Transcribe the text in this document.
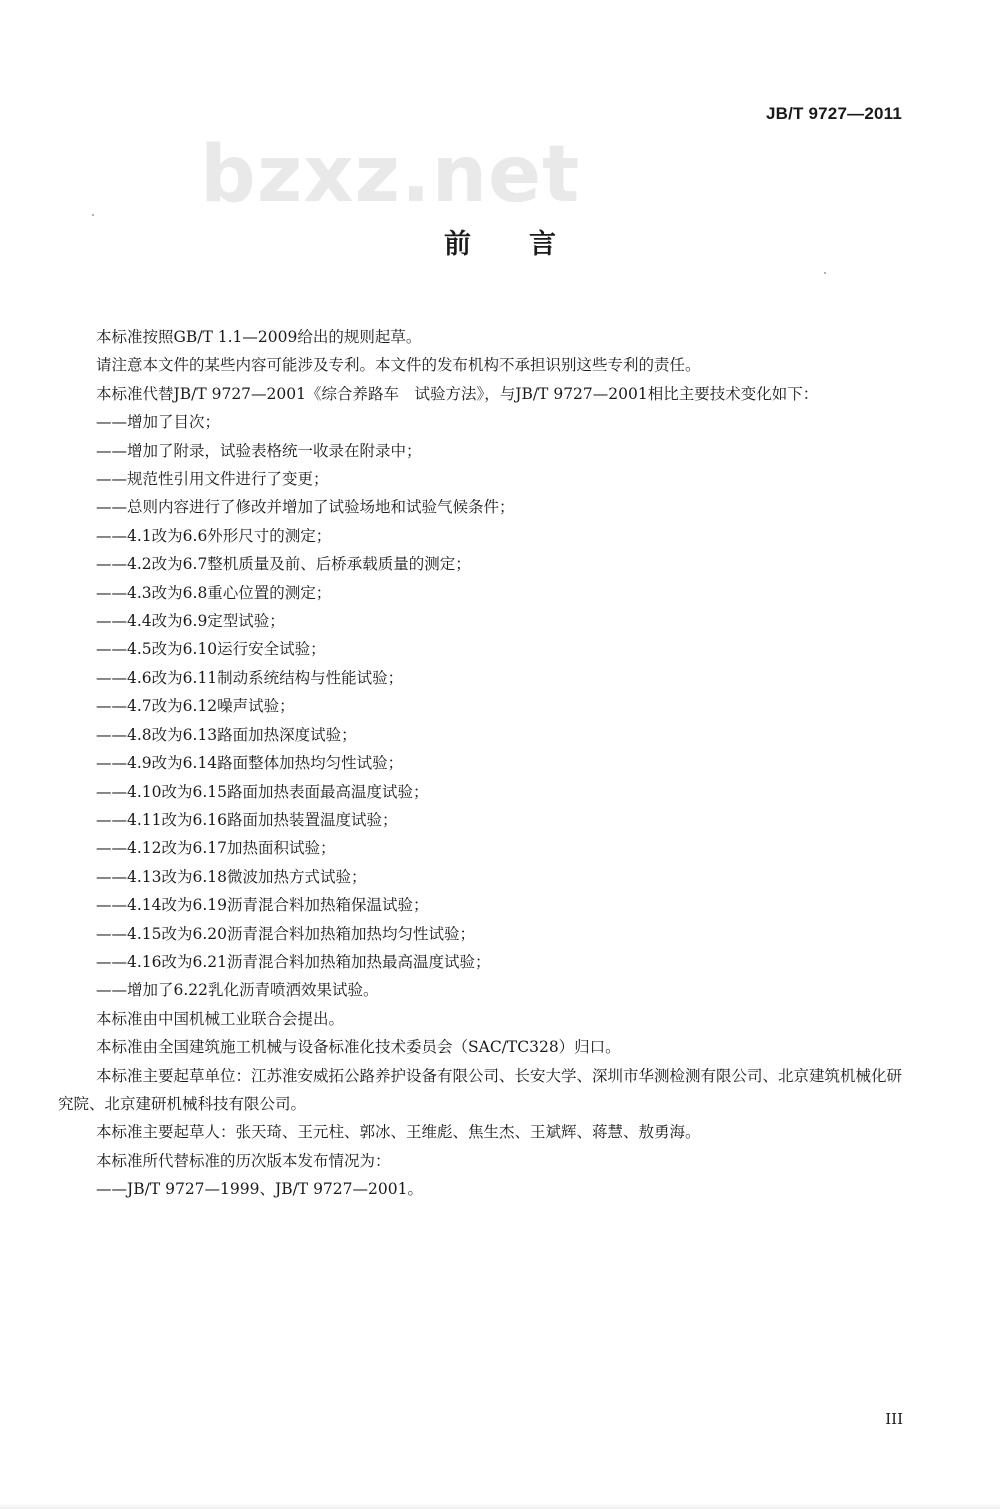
JB/T 9727—2011
bzxz.net
前言

本标准按照GB/T 1.1—2009给出的规则起草。

请注意本文件的某些内容可能涉及专利。本文件的发布机构不承担识别这些专利的责任。

本标准代替JB/T 9727—2001《综合养路车　试验方法》，与JB/T 9727—2001相比主要技术变化如下：

——增加了目次；

——增加了附录，试验表格统一收录在附录中；

——规范性引用文件进行了变更；

——总则内容进行了修改并增加了试验场地和试验气候条件；

——4.1改为6.6外形尺寸的测定；

——4.2改为6.7整机质量及前、后桥承载质量的测定；

——4.3改为6.8重心位置的测定；

——4.4改为6.9定型试验；

——4.5改为6.10运行安全试验；

——4.6改为6.11制动系统结构与性能试验；

——4.7改为6.12噪声试验；

——4.8改为6.13路面加热深度试验；

——4.9改为6.14路面整体加热均匀性试验；

——4.10改为6.15路面加热表面最高温度试验；

——4.11改为6.16路面加热装置温度试验；

——4.12改为6.17加热面积试验；

——4.13改为6.18微波加热方式试验；

——4.14改为6.19沥青混合料加热箱保温试验；

——4.15改为6.20沥青混合料加热箱加热均匀性试验；

——4.16改为6.21沥青混合料加热箱加热最高温度试验；

——增加了6.22乳化沥青喷洒效果试验。

本标准由中国机械工业联合会提出。

本标准由全国建筑施工机械与设备标准化技术委员会（SAC/TC328）归口。

本标准主要起草单位：江苏淮安威拓公路养护设备有限公司、长安大学、深圳市华测检测有限公司、北京建筑机械化研究院、北京建研机械科技有限公司。

本标准主要起草人：张天琦、王元柱、郭冰、王维彪、焦生杰、王斌辉、蒋慧、敖勇海。

本标准所代替标准的历次版本发布情况为：

——JB/T 9727—1999、JB/T 9727—2001。

III
